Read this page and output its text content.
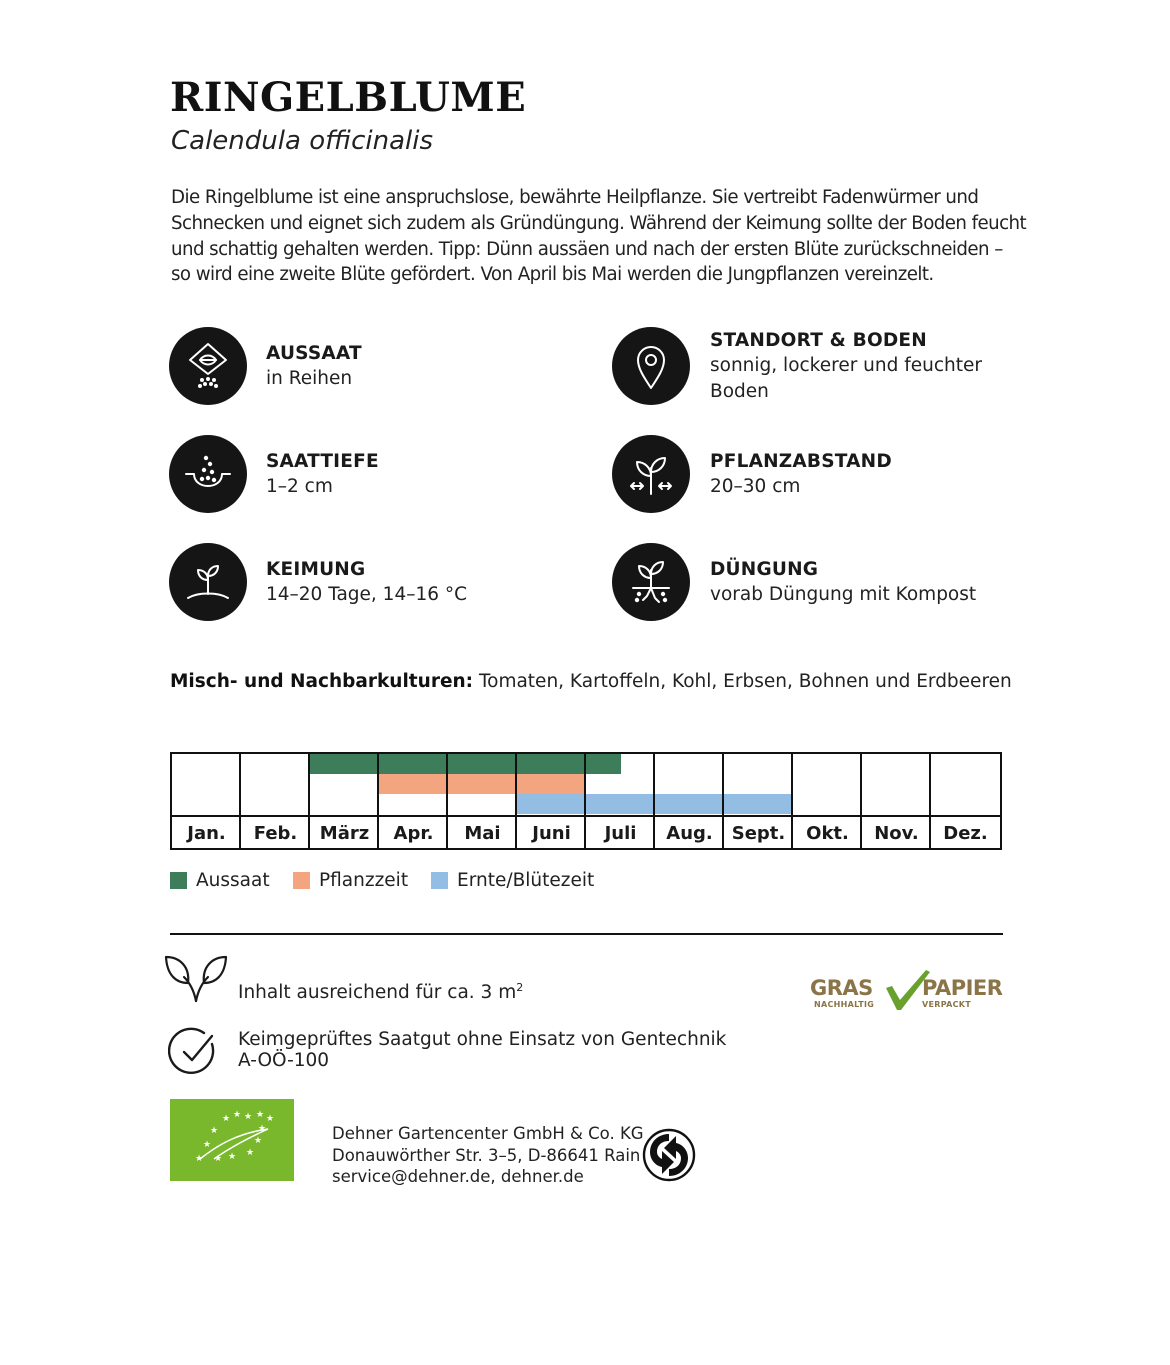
RINGELBLUME
Calendula officinalis
Die Ringelblume ist eine anspruchslose, bewährte Heilpflanze. Sie vertreibt Fadenwürmer und
Schnecken und eignet sich zudem als Gründüngung. Während der Keimung sollte der Boden feucht
und schattig gehalten werden. Tipp: Dünn aussäen und nach der ersten Blüte zurückschneiden –
so wird eine zweite Blüte gefördert. Von April bis Mai werden die Jungpflanzen vereinzelt.
AUSSAAT
in Reihen
STANDORT & BODEN
sonnig, lockerer und feuchter
Boden
SAATTIEFE
1–2 cm
PFLANZABSTAND
20–30 cm
KEIMUNG
14–20 Tage, 14–16 °C
DÜNGUNG
vorab Düngung mit Kompost
Misch- und Nachbarkulturen: Tomaten, Kartoffeln, Kohl, Erbsen, Bohnen und Erdbeeren
Jan.	Feb.	März	Apr.	Mai	Juni	Juli	Aug.	Sept.	Okt.	Nov.	Dez.
Aussaat	Pflanzzeit	Ernte/Blütezeit
Inhalt ausreichend für ca. 3 $m^2$
Keimgeprüftes Saatgut ohne Einsatz von Gentechnik
A-OÖ-100
GRAS
NACHHALTIG
PAPIER
VERPACKT
★ ★ ★ ★ ★
★	★
★	★
★
★
★ ★
Dehner Gartencenter GmbH & Co. KG
Donauwörther Str. 3–5, D-86641 Rain
service@dehner.de, dehner.de
